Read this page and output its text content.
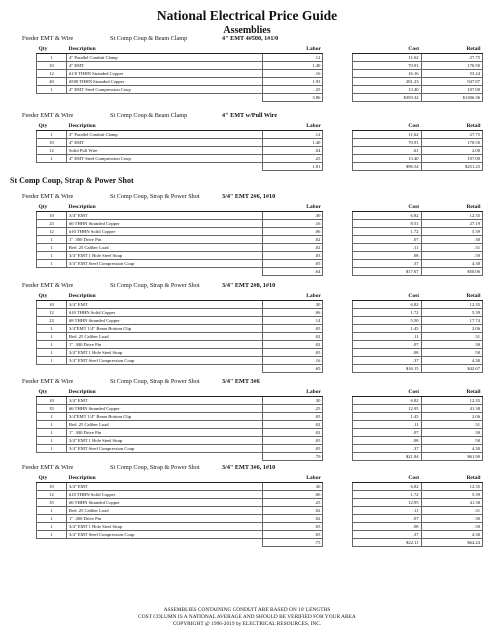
National Electrical Price Guide
Assemblies
St Comp Coup, Strap & Power Shot
Feeder EMT & Wire	St Comp Coup & Beam Clamp	4" EMT 4#500, 1#1/0
Qty	Description	Labor		Cost	Retail
1	4" Parallel Conduit Clamp	.12		11.62	27.75
10	4" EMT	1.40		70.91	170.50
12	#1/0 THHN Stranded Copper	.16		16.16	53.24
40	#500 THHN Stranded Copper	1.93		281.23	947.87
1	4" EMT Steel Compression Coup	.25		13.40	107.00
		3.86		$393.32	$1306.36
Feeder EMT & Wire	St Comp Coup & Beam Clamp	4" EMT w/Pull Wire
Qty	Description	Labor		Cost	Retail
1	4" Parallel Conduit Clamp	.12		11.62	27.75
10	4" EMT	1.40		70.91	170.50
12	Solid Pull Wire	.04		.61	2.00
1	4" EMT Steel Compression Coup	.25		13.40	107.00
		1.81		$96.54	$251.25
Feeder EMT & Wire	St Comp Coup, Strap & Power Shot	3/4" EMT 2#6, 1#10
Qty	Description	Labor		Cost	Retail
10	3/4" EMT	.30		6.82	12.35
23	#6 THHN Stranded Copper	.16		8.51	27.19
12	#10 THHN Solid Copper	.06		1.72	5.39
1	1" .300 Drive Pin	.02		.07	.30
1	Red .25 Caliber Load	.02		.11	.31
1	3/4" EMT 1 Hole Steel Strap	.03		.08	.50
1	3/4" EMT Steel Compression Coup	.05		.37	4.30
		.64		$17.67	$50.06
Feeder EMT & Wire	St Comp Coup, Strap & Power Shot	3/4" EMT 2#8, 1#10
Qty	Description	Labor		Cost	Retail
10	3/4" EMT	.30		6.82	12.35
12	#10 THHN Solid Copper	.06		1.72	5.39
23	#8 THHN Stranded Copper	.14		5.50	17.74
1	3/4"EMT 1/4" Beam Bottom Clip	.05		1.45	2.06
1	Red .25 Caliber Load	.02		.11	.31
1	1" .300 Drive Pin	.02		.07	.30
1	3/4" EMT 1 Hole Steel Strap	.05		.08	.50
1	3/4" EMT Steel Compression Coup	.16		.37	4.30
		.65		$16.15	$42.67
Feeder EMT & Wire	St Comp Coup, Strap & Power Shot	3/4" EMT 3#6
Qty	Description	Labor		Cost	Retail
10	3/4" EMT	.30		6.82	12.35
35	#6 THHN Stranded Copper	.25		12.95	41.38
1	3/4"EMT 1/4" Beam Bottom Clip	.05		1.45	2.06
1	Red .25 Caliber Load	.02		.11	.31
1	1" .300 Drive Pin	.02		.07	.30
1	3/4" EMT 1 Hole Steel Strap	.05		.08	.50
1	3/4" EMT Steel Compression Coup	.05		.37	4.30
		.70		$21.84	$61.90
Feeder EMT & Wire	St Comp Coup, Strap & Power Shot	3/4" EMT 3#6, 1#10
Qty	Description	Labor		Cost	Retail
10	3/4" EMT	.30		6.82	12.35
12	#10 THHN Solid Copper	.06		1.72	5.39
35	#6 THHN Stranded Copper	.25		12.95	41.38
1	Red .25 Caliber Load	.02		.11	.31
1	1" .300 Drive Pin	.02		.07	.30
1	3/4" EMT 1 Hole Steel Strap	.05		.08	.50
1	3/4" EMT Steel Compression Coup	.05		.37	4.30
		.75		$22.11	$64.24
ASSEMBLIES CONTAINING CONDUIT ARE BASED ON 10' LENGTHS
COST COLUMN IS A NATIONAL AVERAGE AND SHOULD BE VERIFIED FOR YOUR AREA
COPYRIGHT @ 1996-2019 by ELECTRICAL RESOURCES, INC.
